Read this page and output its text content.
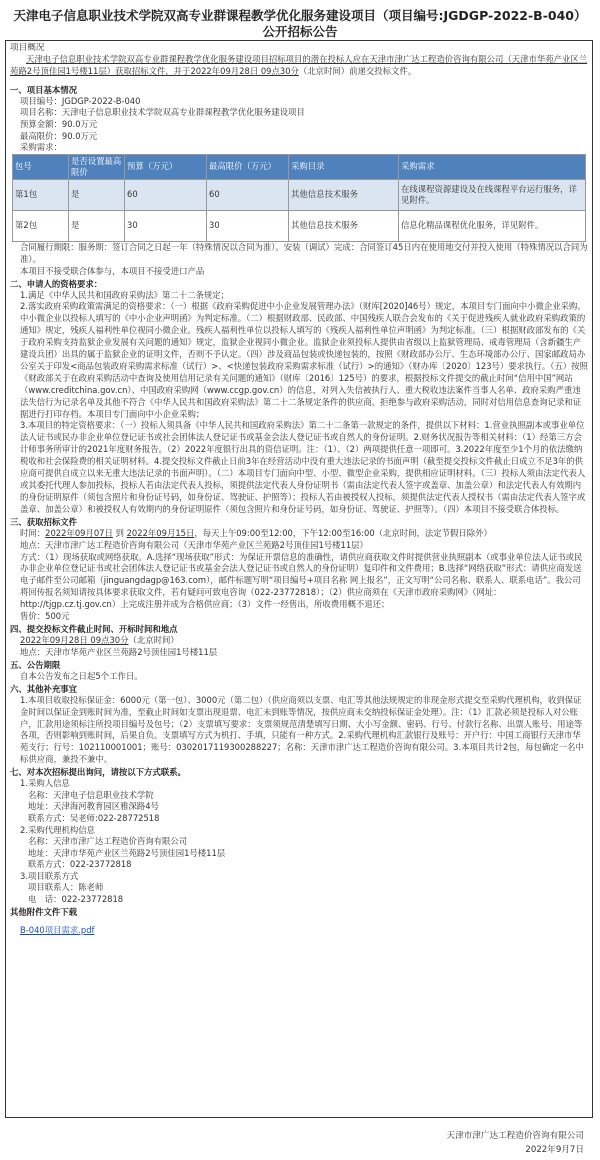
天津电子信息职业技术学院双高专业群课程教学优化服务建设项目（项目编号:JGDGP-2022-B-040）公开招标公告
项目概况

天津电子信息职业技术学院双高专业群课程教学优化服务建设项目招标项目的潜在投标人应在天津市津广达工程造价咨询有限公司（天津市华苑产业区兰苑路2号顶佳园1号楼11层）获取招标文件，并于2022年09月28日 09点30分（北京时间）前递交投标文件。

一、项目基本情况
项目编号：JGDGP-2022-B-040
项目名称：天津电子信息职业技术学院双高专业群课程教学优化服务建设项目
预算金额：90.0万元
最高限价：90.0万元
采购需求：
包号	是否设置最高限价	预算（万元）	最高限价（万元）	采购目录	采购需求
第1包	是	60	60	其他信息技术服务	在线课程资源建设及在线课程平台运行服务，详见附件。
第2包	是	30	30	其他信息技术服务	信息化精品课程优化服务，详见附件。

合同履行期限：服务期：签订合同之日起一年（特殊情况以合同为准）。安装（调试）完成：合同签订45日内在使用地交付并投入使用（特殊情况以合同为准）。

本项目不接受联合体参与，本项目不接受进口产品

二、申请人的资格要求：

1.满足《中华人民共和国政府采购法》第二十二条规定；

2.落实政府采购政策需满足的资格要求：（一）根据《政府采购促进中小企业发展管理办法》（财库[2020]46号）规定，本项目专门面向中小微企业采购。中小微企业以投标人填写的《中小企业声明函》为判定标准。（二）根据财政部、民政部、中国残疾人联合会发布的《关于促进残疾人就业政府采购政策的通知》规定，残疾人福利性单位视同小微企业。残疾人福利性单位以投标人填写的《残疾人福利性单位声明函》为判定标准。（三）根据财政部发布的《关于政府采购支持监狱企业发展有关问题的通知》规定，监狱企业视同小微企业。监狱企业须投标人提供由省级以上监狱管理局、戒毒管理局（含新疆生产建设兵团）出具的属于监狱企业的证明文件，否则不予认定。（四）涉及商品包装或快递包装的，按照《财政部办公厅、生态环境部办公厅、国家邮政局办公室关于印发<商品包装政府采购需求标准（试行）>、<快递包装政府采购需求标准（试行）>的通知》（财办库〔2020〕123号）要求执行。（五）按照《财政部关于在政府采购活动中查询及使用信用记录有关问题的通知》（财库〔2016〕125号）的要求，根据投标文件提交的截止时间“信用中国”网站（www.creditchina.gov.cn）、中国政府采购网（www.ccgp.gov.cn）的信息，对列入失信被执行人、重大税收违法案件当事人名单、政府采购严重违法失信行为记录名单及其他不符合《中华人民共和国政府采购法》第二十二条规定条件的供应商，拒绝参与政府采购活动，同时对信用信息查询记录和证据进行打印存档。本项目专门面向中小企业采购；

3.本项目的特定资格要求：（一）投标人须具备《中华人民共和国政府采购法》第二十二条第一款规定的条件，提供以下材料：1.营业执照副本或事业单位法人证书或民办非企业单位登记证书或社会团体法人登记证书或基金会法人登记证书或自然人的身份证明。2.财务状况报告等相关材料：（1）经第三方会计师事务所审计的2021年度财务报告。（2）2022年度银行出具的资信证明。注：（1）、（2）两项提供任意一项即可。3.2022年度至少1个月的依法缴纳税收和社会保险费的相关证明材料。4.提交投标文件截止日前3年在经营活动中没有重大违法记录的书面声明（截至提交投标文件截止日成立不足3年的供应商可提供自成立以来无重大违法记录的书面声明）。（二）本项目专门面向中型、小型、微型企业采购，提供相应证明材料。（三）投标人须由法定代表人或其委托代理人参加投标，投标人若由法定代表人投标，须提供法定代表人身份证明书（需由法定代表人签字或盖章、加盖公章）和法定代表人有效期内的身份证明原件（须包含照片和身份证号码，如身份证、驾驶证、护照等）；投标人若由被授权人投标，须提供法定代表人授权书（需由法定代表人签字或盖章、加盖公章）和被授权人有效期内的身份证明原件（须包含照片和身份证号码，如身份证、驾驶证、护照等）。（四）本项目不接受联合体投标。

三、获取招标文件

时间：2022年09月07日 到 2022年09月15日，每天上午09:00至12:00，下午12:00至16:00（北京时间，法定节假日除外）

地点：天津市津广达工程造价咨询有限公司（天津市华苑产业区兰苑路2号顶佳园1号楼11层）

方式：（1）现场获取或网络获取。A.选择“现场获取”形式：为保证开票信息的准确性，请供应商获取文件时提供营业执照副本（或事业单位法人证书或民办非企业单位登记证书或社会团体法人登记证书或基金会法人登记证书或自然人的身份证明）复印件和文件费用；B.选择“网络获取”形式：请供应商发送电子邮件至公司邮箱（jinguangdagp@163.com），邮件标题写明“项目编号+项目名称 网上报名”，正文写明“公司名称、联系人、联系电话”。我公司将回传报名须知请按具体要求获取文件，若有疑问可致电咨询（022-23772818）；（2）供应商须在《天津市政府采购网》（网址：http://tjgp.cz.tj.gov.cn）上完成注册并成为合格供应商；（3）文件一经售出，所收费用概不退还；

售价：500元

四、提交投标文件截止时间、开标时间和地点

2022年09月28日 09点30分（北京时间）

地点：天津市华苑产业区兰苑路2号顶佳园1号楼11层

五、公告期限

自本公告发布之日起5个工作日。

六、其他补充事宜

1.本项目收取投标保证金：6000元（第一包）、3000元（第二包）（供应商须以支票、电汇等其他法规规定的非现金形式提交至采购代理机构，收到保证金时间以保证金到账时间为准，至截止时间如支票出现退票、电汇未到账等情况，按供应商未交纳投标保证金处理）。注：（1）汇款必须是投标人对公账户，汇款用途须标注所投项目编号及包号；（2）支票填写要求：支票须规范清楚填写日期、大小写金额、密码、行号、付款行名称、出票人账号、用途等各项，否则影响到账时间，后果自负。支票填写方式为机打、手填，只能有一种方式。2.采购代理机构汇款银行及账号：开户行：中国工商银行天津市华苑支行；行号：102110001001；账号：0302017119300288227；名称：天津市津广达工程造价咨询有限公司。3.本项目共计2包，每包确定一名中标供应商，兼投不兼中。

七、对本次招标提出询问，请按以下方式联系。
1.采购人信息
名称：天津电子信息职业技术学院
地址：天津海河教育园区雅深路4号
联系方式：吴老师:022-28772518
2.采购代理机构信息
名称：天津市津广达工程造价咨询有限公司
地址：天津市华苑产业区兰苑路2号顶佳园1号楼11层
联系方式：022-23772818
3.项目联系方式
项目联系人：陈老师
电　话：022-23772818
其他附件文件下载
B-040项目需求.pdf
天津市津广达工程造价咨询有限公司
2022年9月7日
